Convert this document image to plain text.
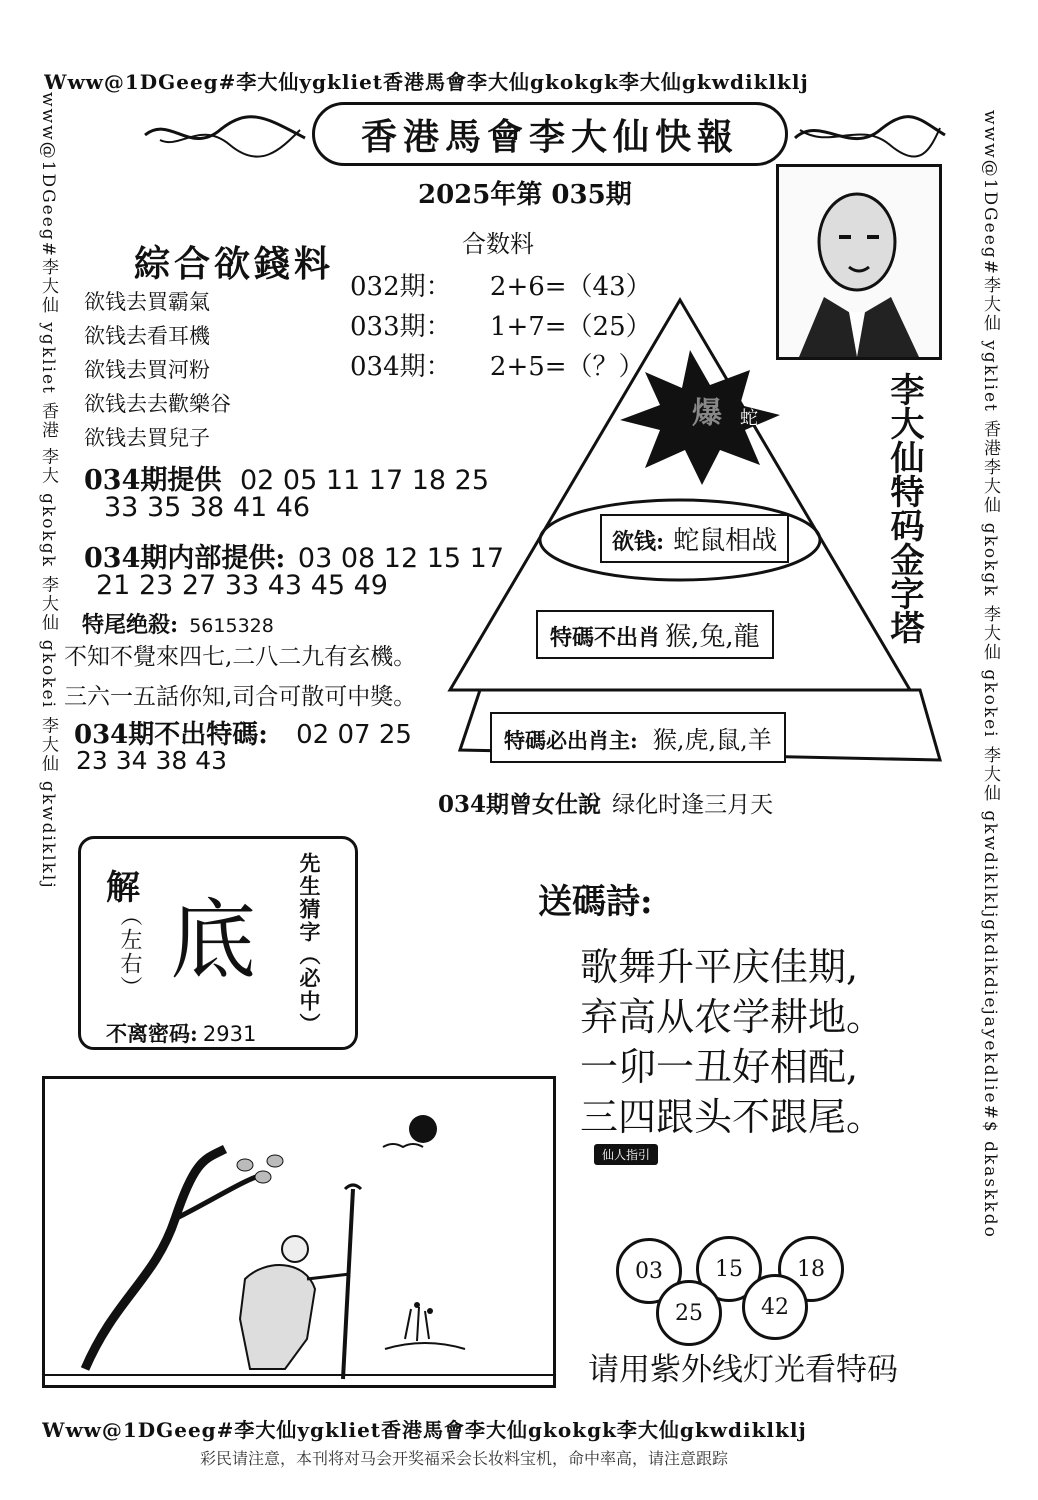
Www@1DGeeg#李大仙ygkliet香港馬會李大仙gkokgk李大仙gkwdiklklj
www@1DGeeg#李大仙 ygkliet 香港 李大 gkokgk 李大仙 gkokei 李大仙 gkwdiklklj	www@1DGeeg#李大仙 ygkliet 香港李大仙 gkokgk 李大仙 gkokei 李大仙 gkwdiklkljgkdikdiejayekdlie#$ dkaskkdo
香港馬會李大仙快報
2025年第 035期
合数料
032期： 2+6=（43）
033期： 1+7=（25）
034期： 2+5=（？）
綜合欲錢料
欲钱去買霸氣
欲钱去看耳機
欲钱去買河粉
欲钱去去歡樂谷
欲钱去買兒子
034期提供 02 05 11 17 18 25
33 35 38 41 46
034期内部提供: 03 08 12 15 17
21 23 27 33 43 45 49
特尾绝殺: 5615328
不知不覺來四七,二八二九有玄機。
三六一五話你知,司合可散可中獎。
034期不出特碼: 02 07 25
23 34 38 43
爆 蛇	李大仙特码金字塔
欲钱: 蛇鼠相战
特碼不出肖 猴,兔,龍
特碼必出肖主: 猴,虎,鼠,羊
034期曾女仕說 绿化时逢三月天
解
（左右） 底 先生猜字（必中）
不离密码: 2931
送碼詩:
歌舞升平庆佳期,
弃高从农学耕地。
一卯一丑好相配,
三四跟头不跟尾。
仙人指引
03	15	18
25	42
请用紫外线灯光看特码
Www@1DGeeg#李大仙ygkliet香港馬會李大仙gkokgk李大仙gkwdiklklj
彩民请注意，本刊将对马会开奖福采会长妆料宝机，命中率高，请注意跟踪
